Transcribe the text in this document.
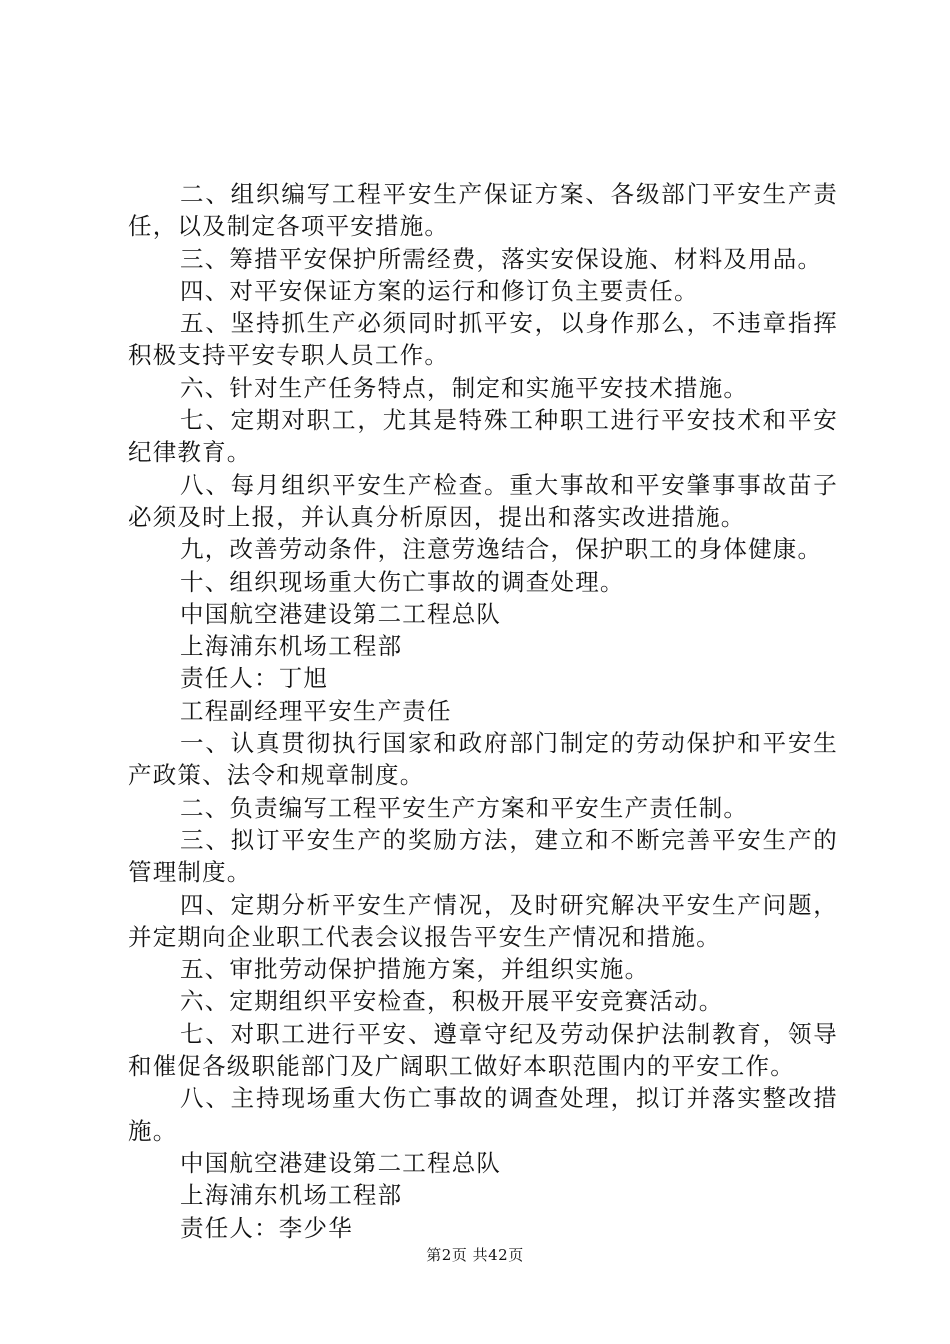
二、组织编写工程平安生产保证方案、各级部门平安生产责任，以及制定各项平安措施。

三、筹措平安保护所需经费，落实安保设施、材料及用品。

四、对平安保证方案的运行和修订负主要责任。

五、坚持抓生产必须同时抓平安，以身作那么，不违章指挥积极支持平安专职人员工作。

六、针对生产任务特点，制定和实施平安技术措施。

七、定期对职工，尤其是特殊工种职工进行平安技术和平安纪律教育。

八、每月组织平安生产检查。重大事故和平安肇事事故苗子必须及时上报，并认真分析原因，提出和落实改进措施。

九，改善劳动条件，注意劳逸结合，保护职工的身体健康。

十、组织现场重大伤亡事故的调查处理。

中国航空港建设第二工程总队

上海浦东机场工程部

责任人：丁旭

工程副经理平安生产责任

一、认真贯彻执行国家和政府部门制定的劳动保护和平安生产政策、法令和规章制度。

二、负责编写工程平安生产方案和平安生产责任制。

三、拟订平安生产的奖励方法，建立和不断完善平安生产的管理制度。

四、定期分析平安生产情况，及时研究解决平安生产问题，并定期向企业职工代表会议报告平安生产情况和措施。

五、审批劳动保护措施方案，并组织实施。

六、定期组织平安检查，积极开展平安竞赛活动。

七、对职工进行平安、遵章守纪及劳动保护法制教育，领导和催促各级职能部门及广阔职工做好本职范围内的平安工作。

八、主持现场重大伤亡事故的调查处理，拟订并落实整改措施。

中国航空港建设第二工程总队

上海浦东机场工程部

责任人：李少华

第2页 共42页
